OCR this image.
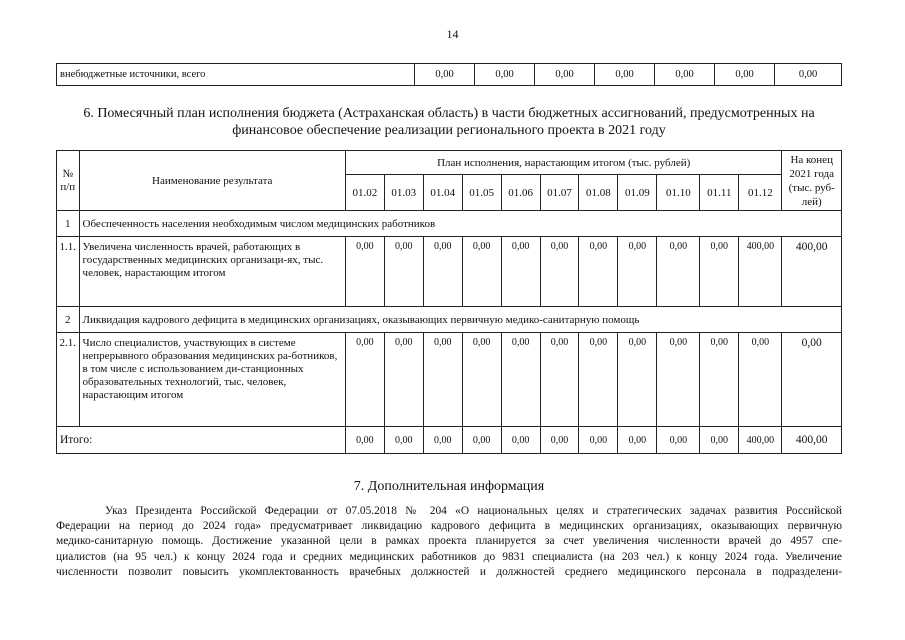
14
внебюджетные источники, всего	0,00	0,00	0,00	0,00	0,00	0,00	0,00
6. Помесячный план исполнения бюджета (Астраханская область) в части бюджетных ассигнований, предусмотренных на финансовое обеспечение реализации регионального проекта в 2021 году
№
п/п	Наименование результата	План исполнения, нарастающим итогом (тыс. рублей)											На конец 2021 года (тыс. руб-лей)
		01.02	01.03	01.04	01.05	01.06	01.07	01.08	01.09	01.10	01.11	01.12	
1	Обеспеченность населения необходимым числом медицинских работников												
1.1.	Увеличена численность врачей, работающих в государственных медицинских организаци-ях, тыс. человек, нарастающим итогом	0,00	0,00	0,00	0,00	0,00	0,00	0,00	0,00	0,00	0,00	400,00	400,00
2	Ликвидация кадрового дефицита в медицинских организациях, оказывающих первичную медико-санитарную помощь												
2.1.	Число специалистов, участвующих в системе непрерывного образования медицинских ра-ботников, в том числе с использованием ди-станционных образовательных технологий, тыс. человек, нарастающим итогом	0,00	0,00	0,00	0,00	0,00	0,00	0,00	0,00	0,00	0,00	0,00	0,00
Итого:		0,00	0,00	0,00	0,00	0,00	0,00	0,00	0,00	0,00	0,00	400,00	400,00
7. Дополнительная информация
Указ Президента Российской Федерации от 07.05.2018 № 204 «О национальных целях и стратегических задачах развития Российской
Федерации на период до 2024 года» предусматривает ликвидацию кадрового дефицита в медицинских организациях, оказывающих первичную
медико-санитарную помощь. Достижение указанной цели в рамках проекта планируется за счет увеличения численности врачей до 4957 спе-
циалистов (на 95 чел.) к концу 2024 года и средних медицинских работников до 9831 специалиста (на 203 чел.) к концу 2024 года. Увеличение
численности позволит повысить укомплектованность врачебных должностей и должностей среднего медицинского персонала в подразделени-
